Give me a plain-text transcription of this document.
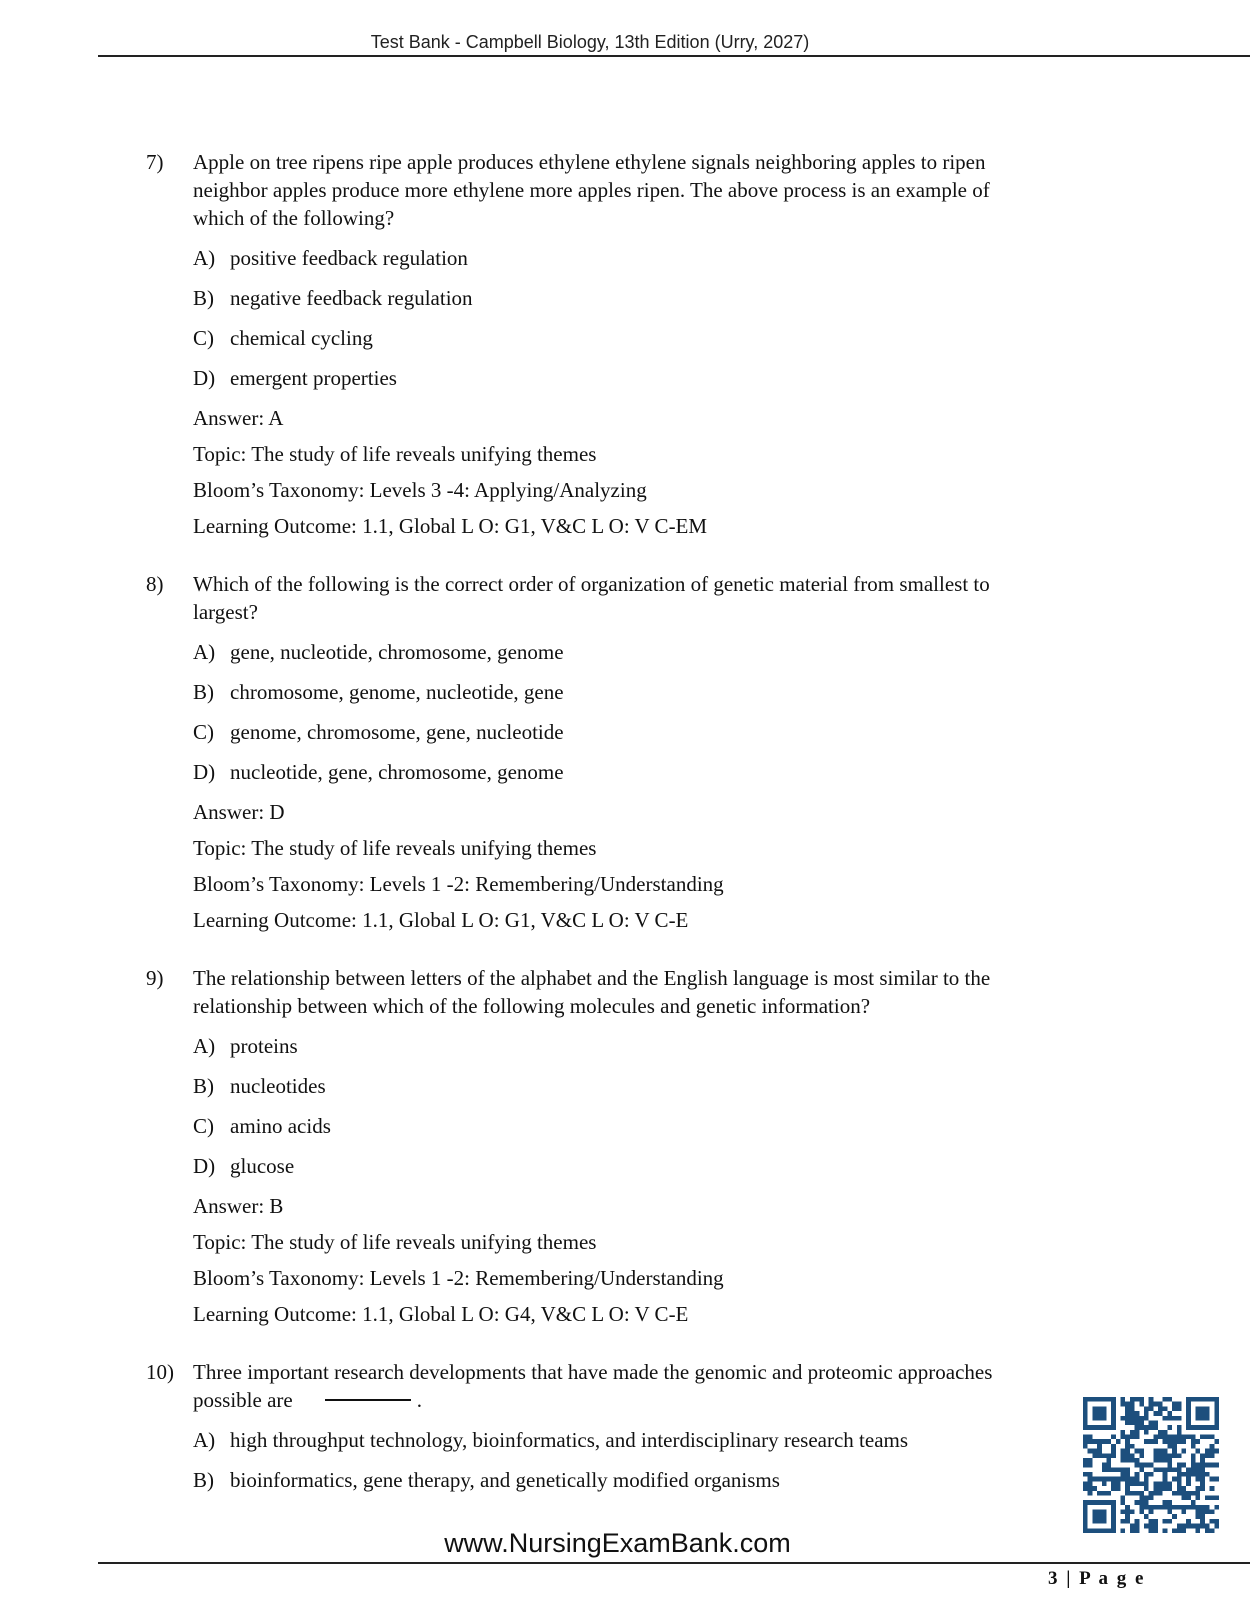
Test Bank - Campbell Biology, 13th Edition (Urry, 2027)
7) Apple on tree ripens ripe apple produces ethylene ethylene signals neighboring apples to ripen neighbor apples produce more ethylene more apples ripen. The above process is an example of which of the following?
A) positive feedback regulation
B) negative feedback regulation
C) chemical cycling
D) emergent properties
Answer: A
Topic: The study of life reveals unifying themes
Bloom’s Taxonomy: Levels 3 -4: Applying/Analyzing
Learning Outcome: 1.1, Global L O: G1, V&C L O: V C-EM
8) Which of the following is the correct order of organization of genetic material from smallest to largest?
A) gene, nucleotide, chromosome, genome
B) chromosome, genome, nucleotide, gene
C) genome, chromosome, gene, nucleotide
D) nucleotide, gene, chromosome, genome
Answer: D
Topic: The study of life reveals unifying themes
Bloom’s Taxonomy: Levels 1 -2: Remembering/Understanding
Learning Outcome: 1.1, Global L O: G1, V&C L O: V C-E
9) The relationship between letters of the alphabet and the English language is most similar to the relationship between which of the following molecules and genetic information?
A) proteins
B) nucleotides
C) amino acids
D) glucose
Answer: B
Topic: The study of life reveals unifying themes
Bloom’s Taxonomy: Levels 1 -2: Remembering/Understanding
Learning Outcome: 1.1, Global L O: G4, V&C L O: V C-E
10) Three important research developments that have made the genomic and proteomic approaches possible are	.
A) high throughput technology, bioinformatics, and interdisciplinary research teams
B) bioinformatics, gene therapy, and genetically modified organisms
www.NursingExamBank.com
3 | P a g e
